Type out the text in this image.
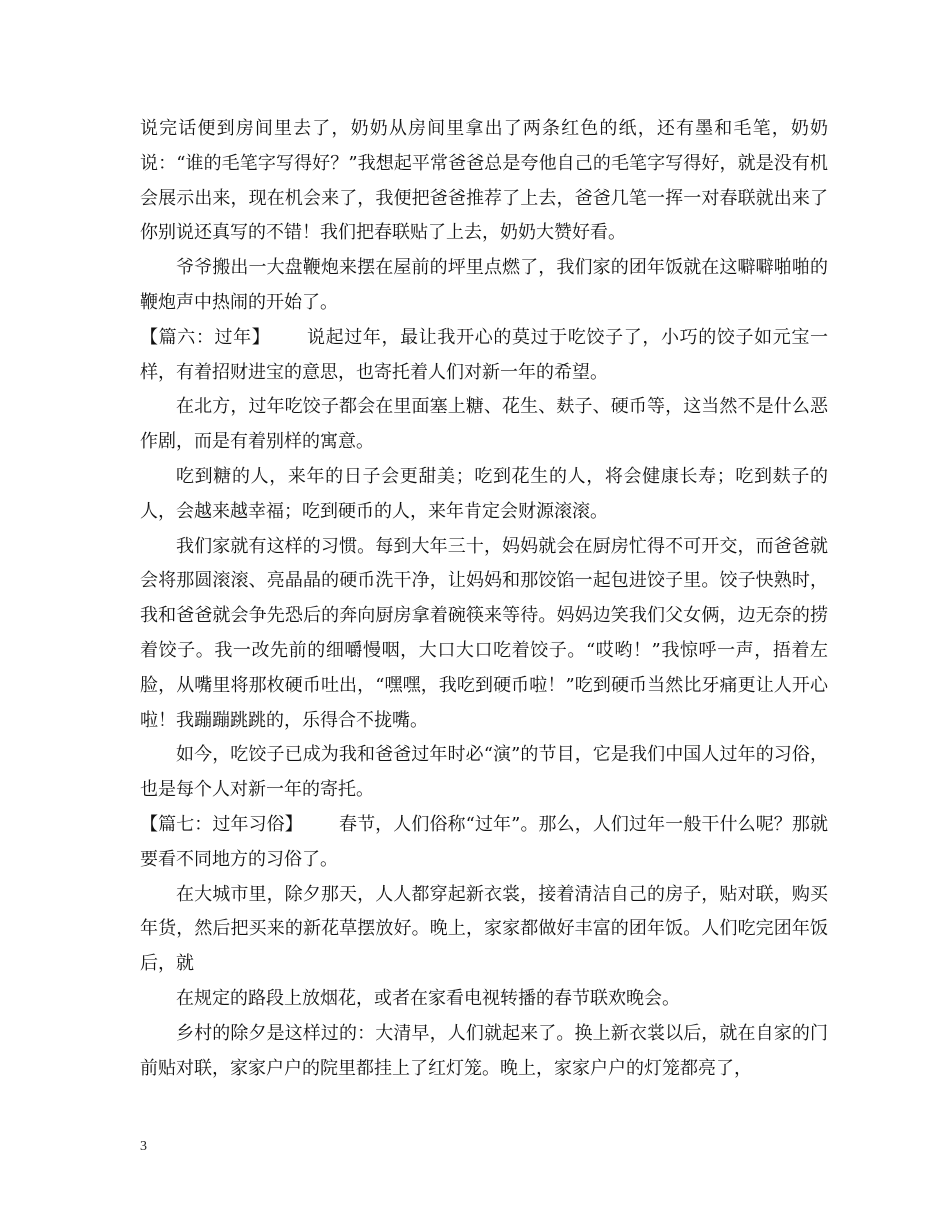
说完话便到房间里去了，奶奶从房间里拿出了两条红色的纸，还有墨和毛笔，奶奶说：“谁的毛笔字写得好？”我想起平常爸爸总是夸他自己的毛笔字写得好，就是没有机会展示出来，现在机会来了，我便把爸爸推荐了上去，爸爸几笔一挥一对春联就出来了你别说还真写的不错！我们把春联贴了上去，奶奶大赞好看。

爷爷搬出一大盘鞭炮来摆在屋前的坪里点燃了，我们家的团年饭就在这噼噼啪啪的鞭炮声中热闹的开始了。

【篇六：过年】 说起过年，最让我开心的莫过于吃饺子了，小巧的饺子如元宝一样，有着招财进宝的意思，也寄托着人们对新一年的希望。

在北方，过年吃饺子都会在里面塞上糖、花生、麸子、硬币等，这当然不是什么恶作剧，而是有着别样的寓意。

吃到糖的人，来年的日子会更甜美；吃到花生的人，将会健康长寿；吃到麸子的人，会越来越幸福；吃到硬币的人，来年肯定会财源滚滚。

我们家就有这样的习惯。每到大年三十，妈妈就会在厨房忙得不可开交，而爸爸就会将那圆滚滚、亮晶晶的硬币洗干净，让妈妈和那饺馅一起包进饺子里。饺子快熟时，我和爸爸就会争先恐后的奔向厨房拿着碗筷来等待。妈妈边笑我们父女俩，边无奈的捞着饺子。我一改先前的细嚼慢咽，大口大口吃着饺子。“哎哟！”我惊呼一声，捂着左脸，从嘴里将那枚硬币吐出，“嘿嘿，我吃到硬币啦！”吃到硬币当然比牙痛更让人开心啦！我蹦蹦跳跳的，乐得合不拢嘴。

如今，吃饺子已成为我和爸爸过年时必“演”的节目，它是我们中国人过年的习俗，也是每个人对新一年的寄托。

【篇七：过年习俗】 春节，人们俗称“过年”。那么，人们过年一般干什么呢？那就要看不同地方的习俗了。

在大城市里，除夕那天，人人都穿起新衣裳，接着清洁自己的房子，贴对联，购买年货，然后把买来的新花草摆放好。晚上，家家都做好丰富的团年饭。人们吃完团年饭后，就

在规定的路段上放烟花，或者在家看电视转播的春节联欢晚会。

乡村的除夕是这样过的：大清早，人们就起来了。换上新衣裳以后，就在自家的门前贴对联，家家户户的院里都挂上了红灯笼。晚上，家家户户的灯笼都亮了，

3
